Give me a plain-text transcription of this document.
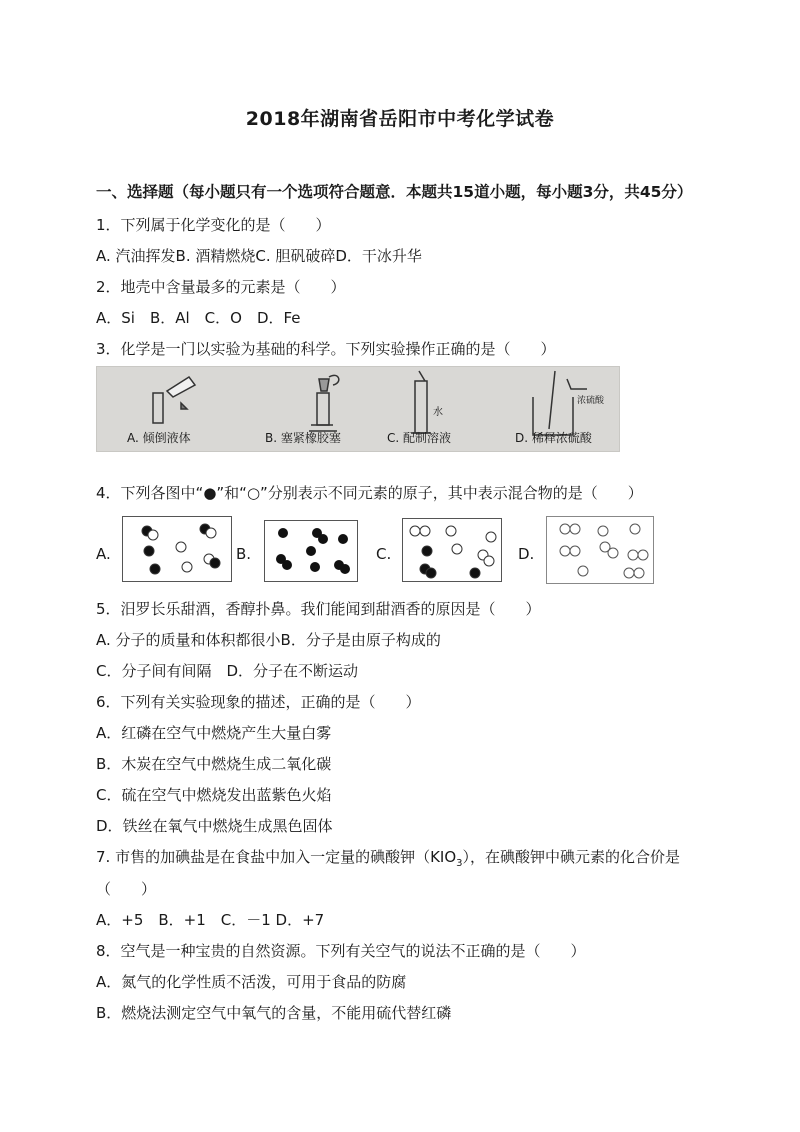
2018年湖南省岳阳市中考化学试卷
一、选择题（每小题只有一个选项符合题意．本题共15道小题，每小题3分，共45分）
1．下列属于化学变化的是（　　）
A. 汽油挥发B. 酒精燃烧C. 胆矾破碎D．干冰升华
2．地壳中含量最多的元素是（　　）
A．Si　B．Al　C．O　D．Fe
3．化学是一门以实验为基础的科学。下列实验操作正确的是（　　）
水
浓硫酸
A. 倾倒液体	B. 塞紧橡胶塞	C. 配制溶液	D. 稀释浓硫酸
4．下列各图中“●”和“○”分别表示不同元素的原子，其中表示混合物的是（　　）
A.	B.	C.	D.
5．汨罗长乐甜酒，香醇扑鼻。我们能闻到甜酒香的原因是（　　）
A. 分子的质量和体积都很小B．分子是由原子构成的
C．分子间有间隔　D．分子在不断运动
6．下列有关实验现象的描述，正确的是（　　）
A．红磷在空气中燃烧产生大量白雾
B．木炭在空气中燃烧生成二氧化碳
C．硫在空气中燃烧发出蓝紫色火焰
D．铁丝在氧气中燃烧生成黑色固体
7. 市售的加碘盐是在食盐中加入一定量的碘酸钾$(KIO_3)$，在碘酸钾中碘元素的化合价是
（　　）
A．+5　B．+1　C．－1 D．+7
8．空气是一种宝贵的自然资源。下列有关空气的说法不正确的是（　　）
A．氮气的化学性质不活泼，可用于食品的防腐
B．燃烧法测定空气中氧气的含量，不能用硫代替红磷
